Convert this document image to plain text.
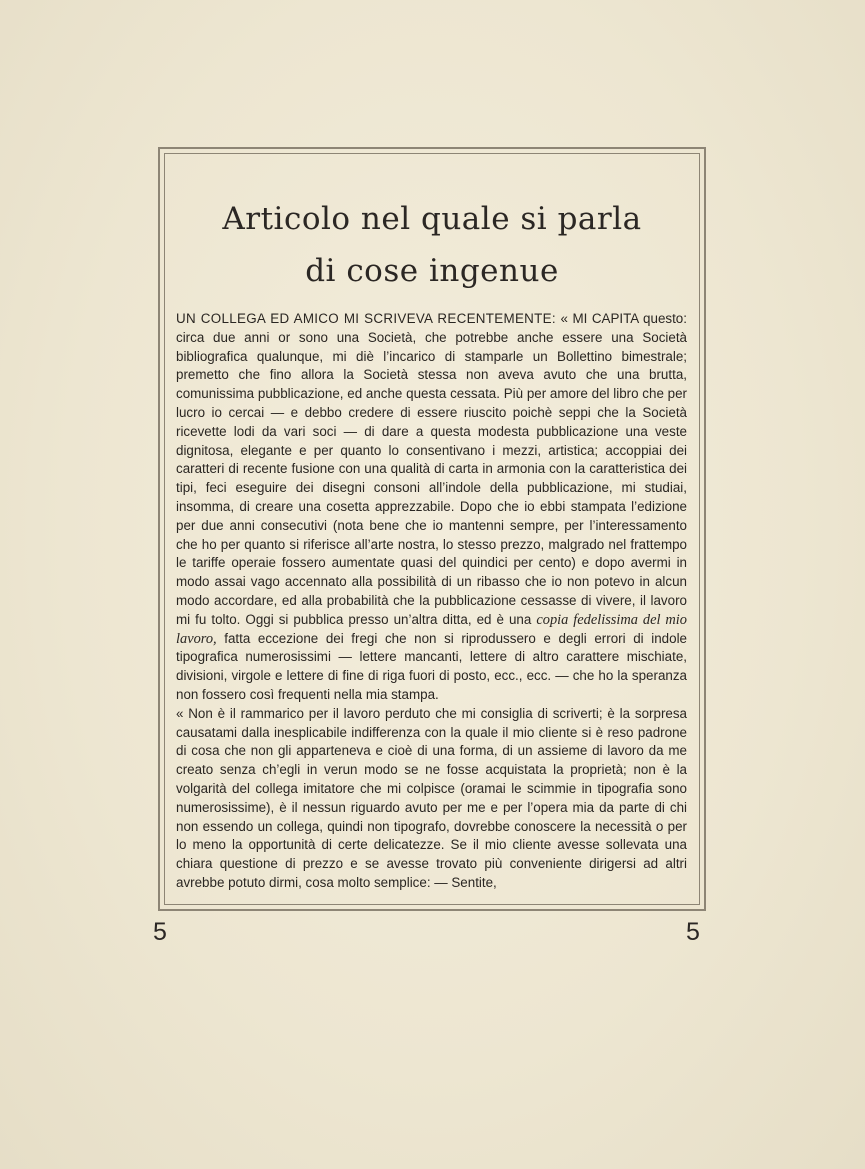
Articolo nel quale si parla
di cose ingenue

UN COLLEGA ED AMICO MI SCRIVEVA RECENTEMENTE: « MI CAPITA questo: circa due anni or sono una Società, che potrebbe anche essere una Società bibliografica qualunque, mi diè l’incarico di stamparle un Bollettino bimestrale; premetto che fino allora la Società stessa non aveva avuto che una brutta, comunissima pubblicazione, ed anche questa cessata. Più per amore del libro che per lucro io cercai — e debbo credere di essere riuscito poichè seppi che la Società ricevette lodi da vari soci — di dare a questa modesta pubblicazione una veste dignitosa, elegante e per quanto lo consentivano i mezzi, artistica; accoppiai dei caratteri di recente fusione con una qualità di carta in armonia con la caratteristica dei tipi, feci eseguire dei disegni consoni all’indole della pubblicazione, mi studiai, insomma, di creare una cosetta apprezzabile. Dopo che io ebbi stampata l’edizione per due anni consecutivi (nota bene che io mantenni sempre, per l’interessamento che ho per quanto si riferisce all’arte nostra, lo stesso prezzo, malgrado nel frattempo le tariffe operaie fossero aumentate quasi del quindici per cento) e dopo avermi in modo assai vago accennato alla possibilità di un ribasso che io non potevo in alcun modo accordare, ed alla probabilità che la pubblicazione cessasse di vivere, il lavoro mi fu tolto. Oggi si pubblica presso un’altra ditta, ed è una copia fedelissima del mio lavoro, fatta eccezione dei fregi che non si riprodussero e degli errori di indole tipografica numerosissimi — lettere mancanti, lettere di altro carattere mischiate, divisioni, virgole e lettere di fine di riga fuori di posto, ecc., ecc. — che ho la speranza non fossero così frequenti nella mia stampa.

« Non è il rammarico per il lavoro perduto che mi consiglia di scriverti; è la sorpresa causatami dalla inesplicabile indifferenza con la quale il mio cliente si è reso padrone di cosa che non gli apparteneva e cioè di una forma, di un assieme di lavoro da me creato senza ch’egli in verun modo se ne fosse acquistata la proprietà; non è la volgarità del collega imitatore che mi colpisce (oramai le scimmie in tipografia sono numerosissime), è il nessun riguardo avuto per me e per l’opera mia da parte di chi non essendo un collega, quindi non tipografo, dovrebbe conoscere la necessità o per lo meno la opportunità di certe delicatezze. Se il mio cliente avesse sollevata una chiara questione di prezzo e se avesse trovato più conveniente dirigersi ad altri avrebbe potuto dirmi, cosa molto semplice: — Sentite,

5	5
